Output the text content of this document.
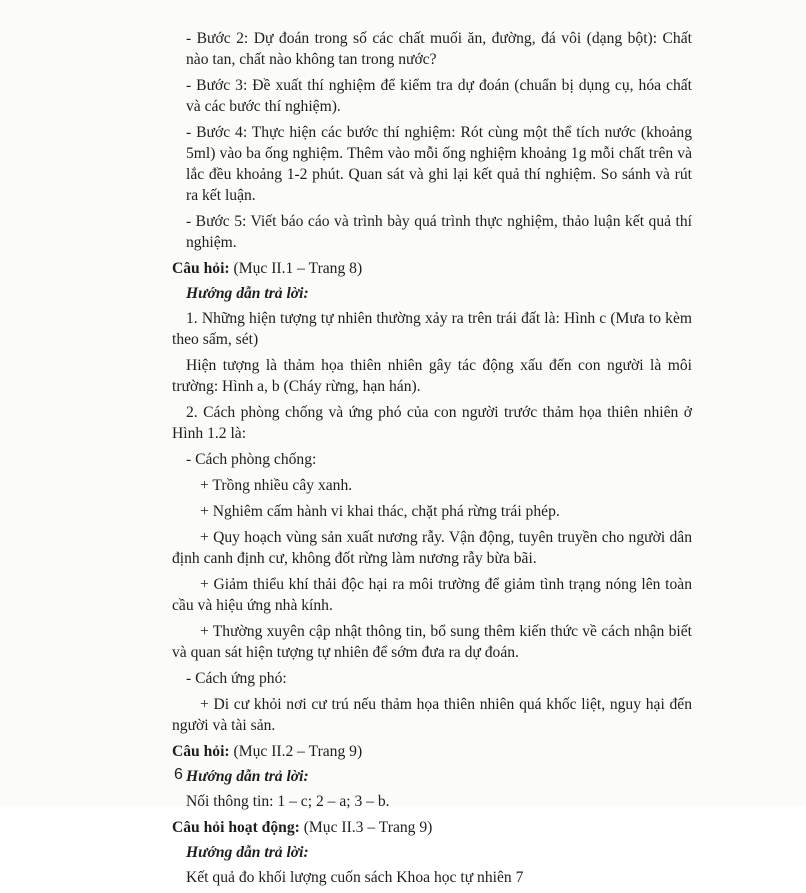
- Bước 2: Dự đoán trong số các chất muối ăn, đường, đá vôi (dạng bột): Chất nào tan, chất nào không tan trong nước?

- Bước 3: Đề xuất thí nghiệm để kiểm tra dự đoán (chuẩn bị dụng cụ, hóa chất và các bước thí nghiệm).

- Bước 4: Thực hiện các bước thí nghiệm: Rót cùng một thể tích nước (khoảng 5ml) vào ba ống nghiệm. Thêm vào mỗi ống nghiệm khoảng 1g mỗi chất trên và lắc đều khoảng 1-2 phút. Quan sát và ghi lại kết quả thí nghiệm. So sánh và rút ra kết luận.

- Bước 5: Viết báo cáo và trình bày quá trình thực nghiệm, thảo luận kết quả thí nghiệm.

Câu hỏi: (Mục II.1 – Trang 8)

Hướng dẫn trả lời:

1. Những hiện tượng tự nhiên thường xảy ra trên trái đất là: Hình c (Mưa to kèm theo sấm, sét)

Hiện tượng là thảm họa thiên nhiên gây tác động xấu đến con người là môi trường: Hình a, b (Cháy rừng, hạn hán).

2. Cách phòng chống và ứng phó của con người trước thảm họa thiên nhiên ở Hình 1.2 là:

- Cách phòng chống:

+ Trồng nhiều cây xanh.

+ Nghiêm cấm hành vi khai thác, chặt phá rừng trái phép.

+ Quy hoạch vùng sản xuất nương rẫy. Vận động, tuyên truyền cho người dân định canh định cư, không đốt rừng làm nương rẫy bừa bãi.

+ Giảm thiểu khí thải độc hại ra môi trường để giảm tình trạng nóng lên toàn cầu và hiệu ứng nhà kính.

+ Thường xuyên cập nhật thông tin, bổ sung thêm kiến thức về cách nhận biết và quan sát hiện tượng tự nhiên để sớm đưa ra dự đoán.

- Cách ứng phó:

+ Di cư khỏi nơi cư trú nếu thảm họa thiên nhiên quá khốc liệt, nguy hại đến người và tài sản.

Câu hỏi: (Mục II.2 – Trang 9)

Hướng dẫn trả lời:

Nối thông tin: 1 – c; 2 – a; 3 – b.

Câu hỏi hoạt động: (Mục II.3 – Trang 9)

Hướng dẫn trả lời:

Kết quả đo khối lượng cuốn sách Khoa học tự nhiên 7

6
